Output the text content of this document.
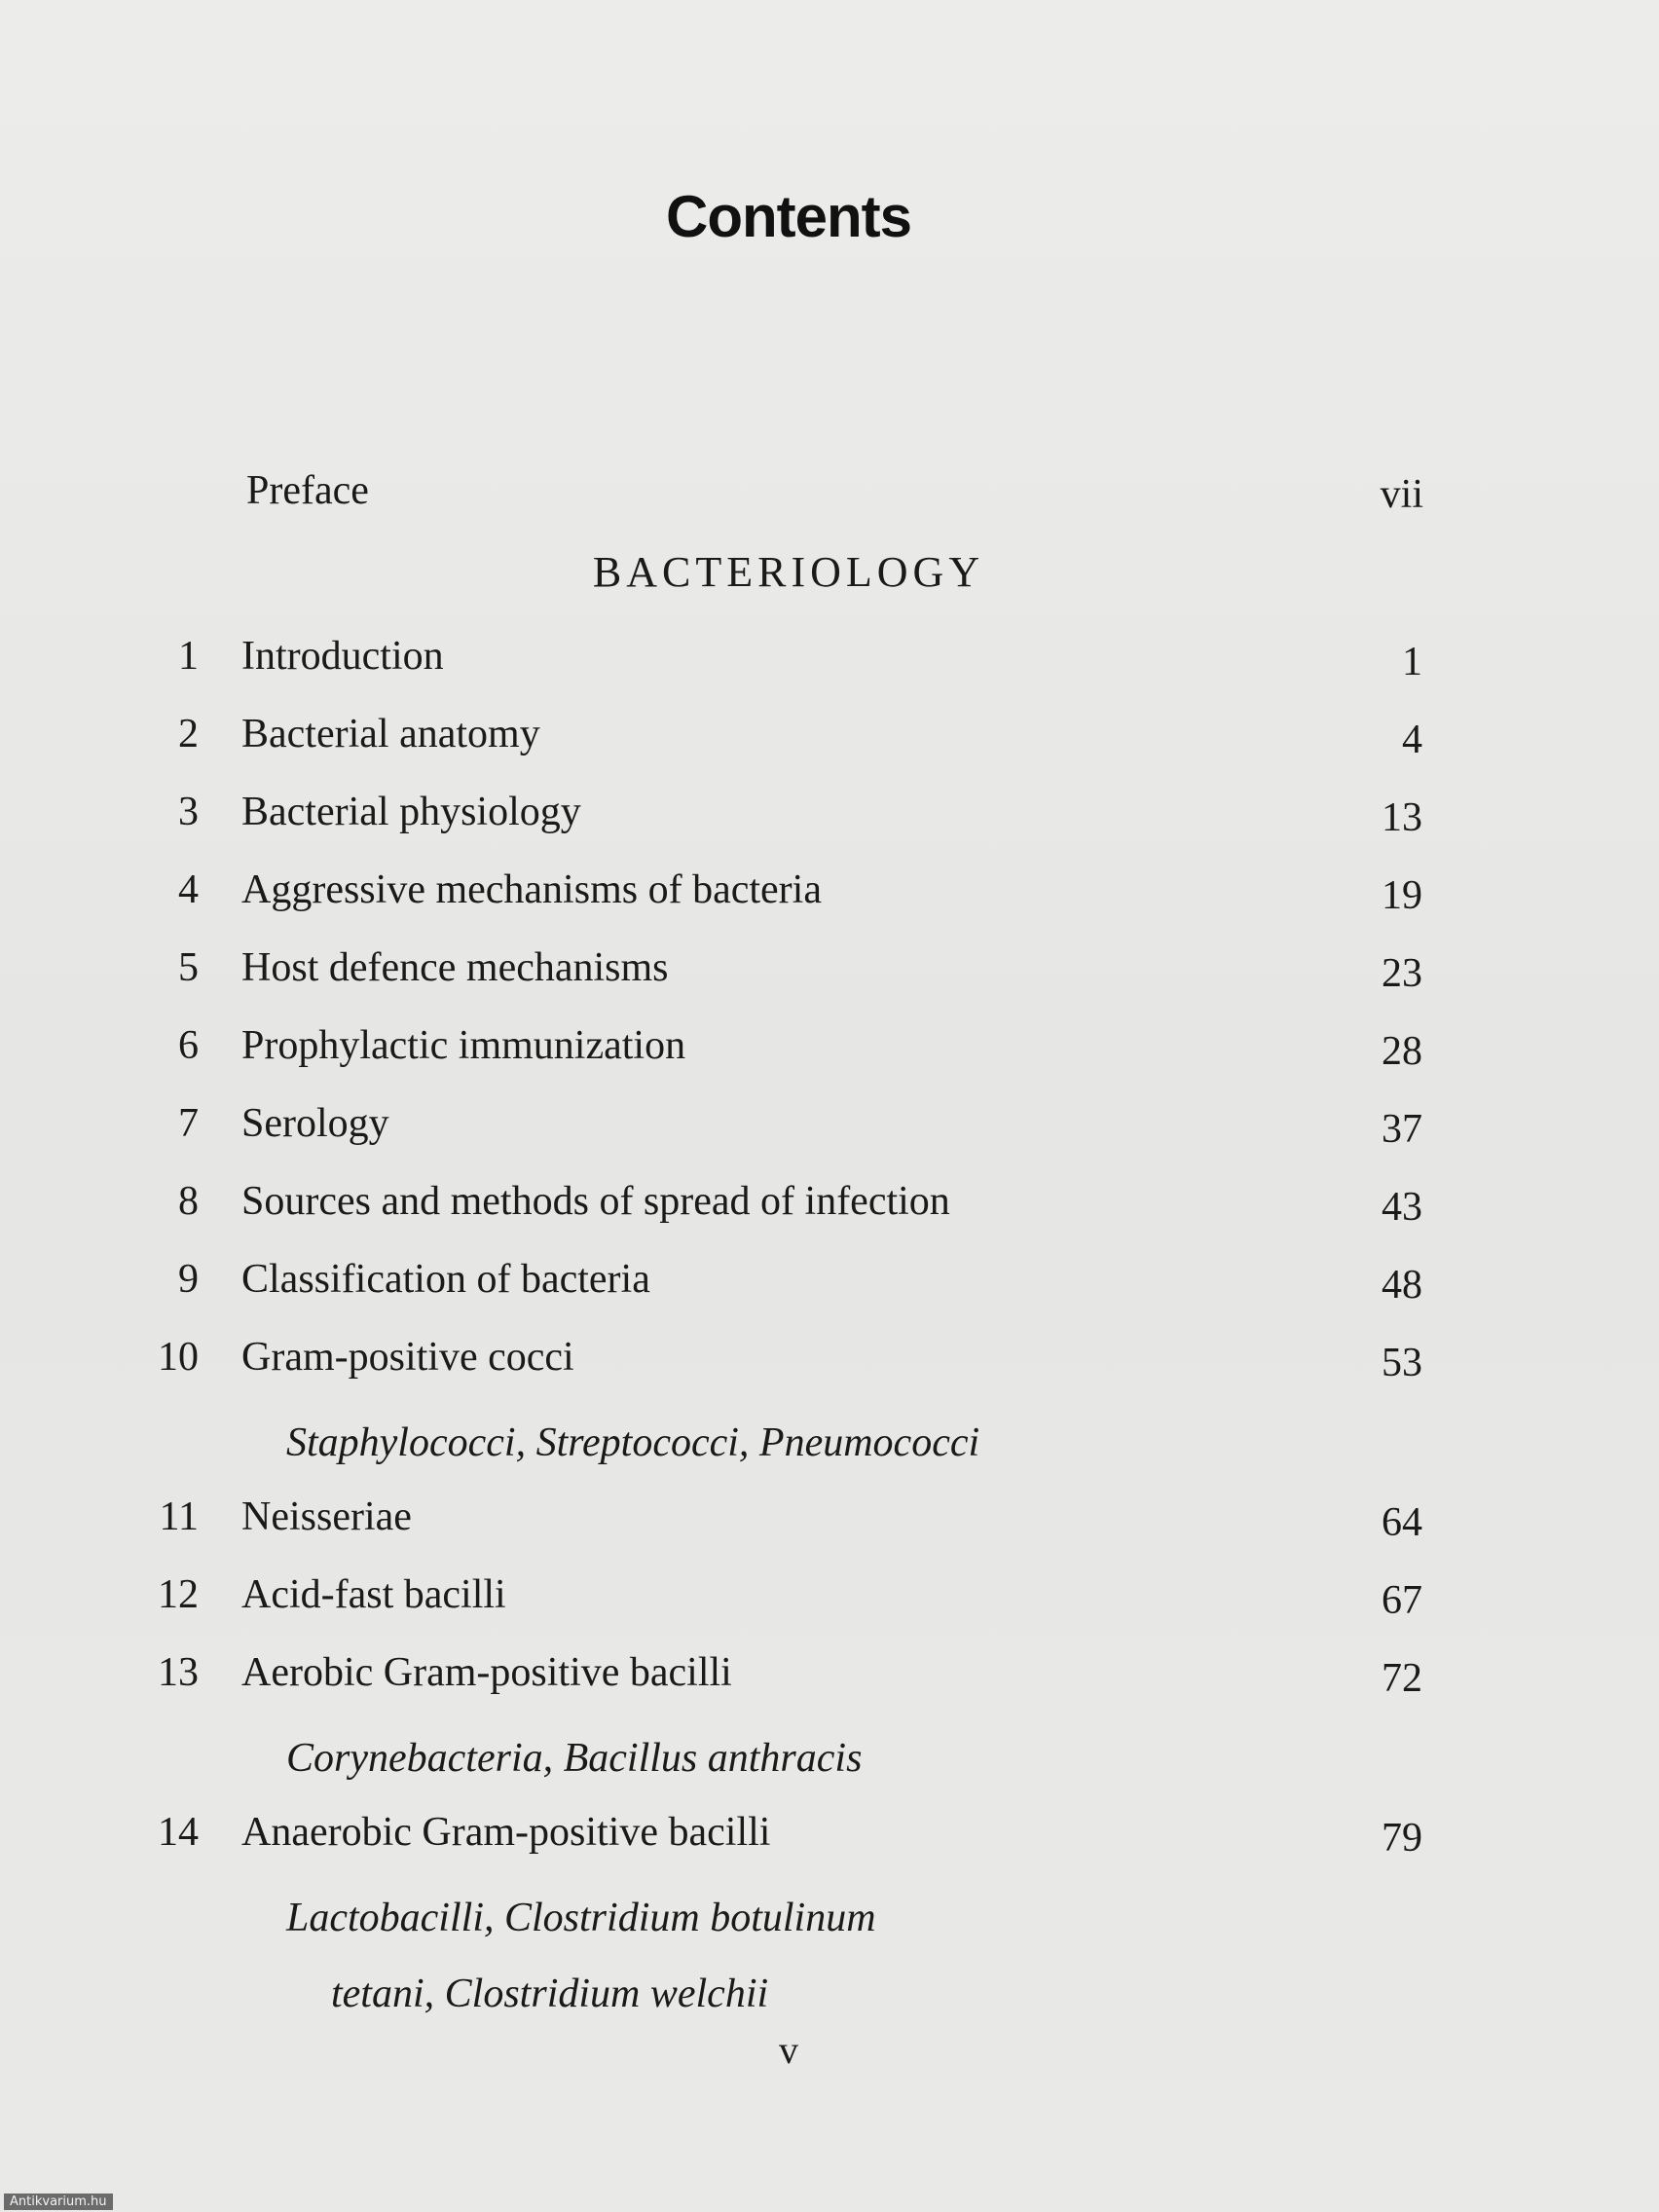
Contents
Preface	vii
BACTERIOLOGY
1 Introduction	1
2 Bacterial anatomy	4
3 Bacterial physiology	13
4 Aggressive mechanisms of bacteria	19
5 Host defence mechanisms	23
6 Prophylactic immunization	28
7 Serology	37
8 Sources and methods of spread of infection	43
9 Classification of bacteria	48
10 Gram-positive cocci	53
Staphylococci, Streptococci, Pneumococci
11 Neisseriae	64
12 Acid-fast bacilli	67
13 Aerobic Gram-positive bacilli	72
Corynebacteria, Bacillus anthracis
14 Anaerobic Gram-positive bacilli	79
Lactobacilli, Clostridium botulinum
tetani, Clostridium welchii
v
Antikvarium.hu
